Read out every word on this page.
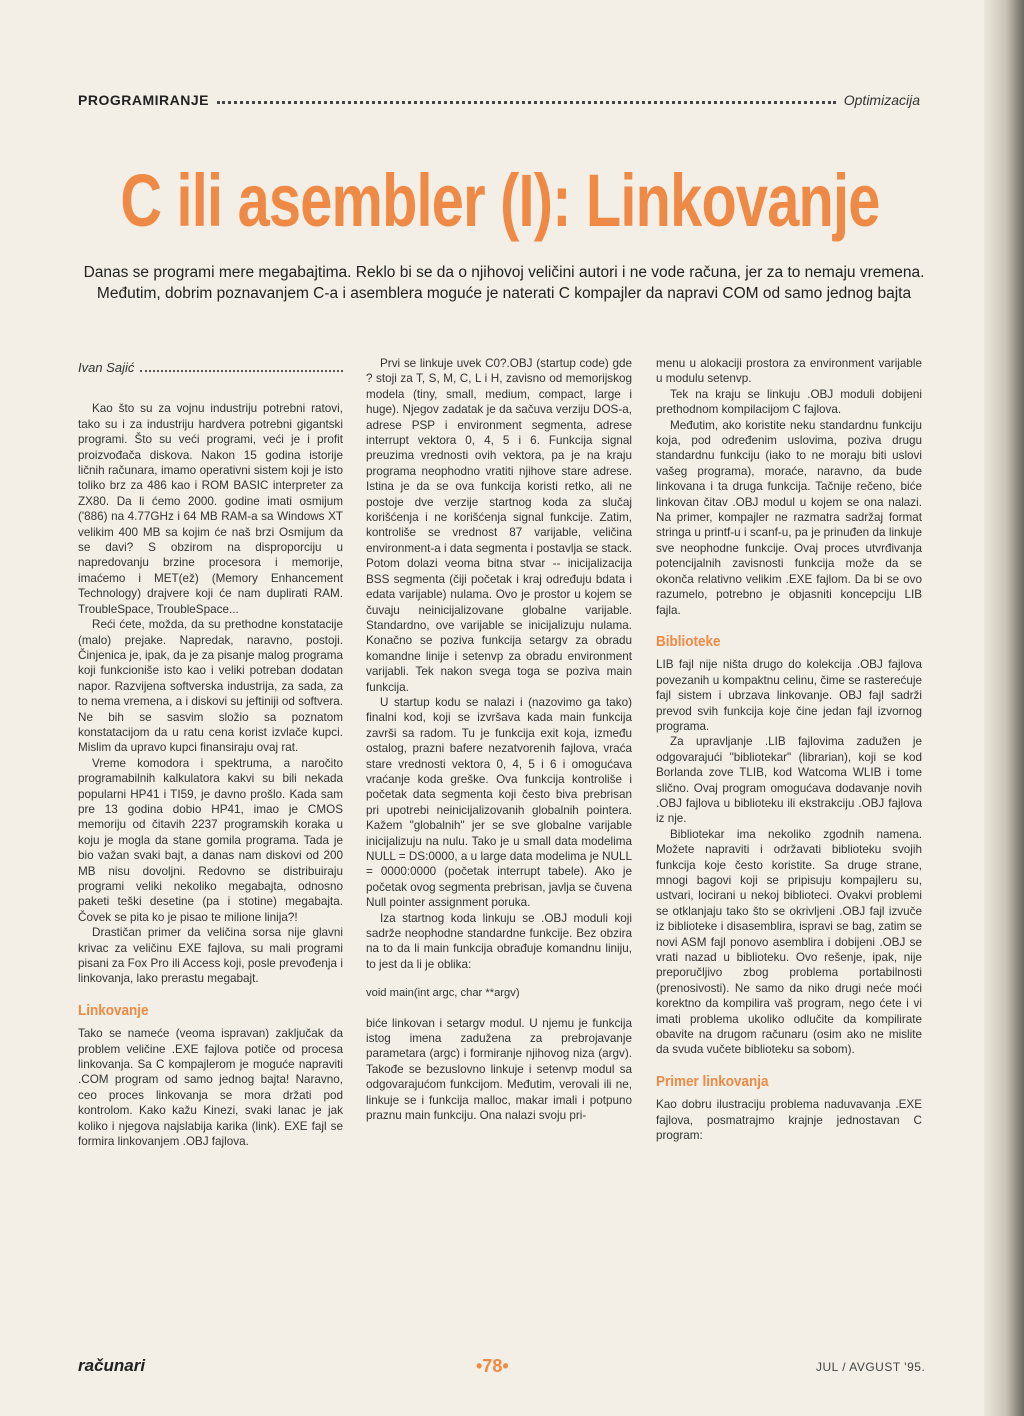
PROGRAMIRANJE	Optimizacija
C ili asembler (I): Linkovanje
Danas se programi mere megabajtima. Reklo bi se da o njihovoj veličini autori i ne vode računa, jer za to nemaju vremena. Međutim, dobrim poznavanjem C-a i asemblera moguće je naterati C kompajler da napravi COM od samo jednog bajta
Ivan Sajić

Kao što su za vojnu industriju potrebni ratovi, tako su i za industriju hardvera potrebni gigantski programi. Što su veći programi, veći je i profit proizvođača diskova. Nakon 15 godina istorije ličnih računara, imamo operativni sistem koji je isto toliko brz za 486 kao i ROM BASIC interpreter za ZX80. Da li ćemo 2000. godine imati osmijum ('886) na 4.77GHz i 64 MB RAM-a sa Windows XT velikim 400 MB sa kojim će naš brzi Osmijum da se davi? S obzirom na disproporciju u napredovanju brzine procesora i memorije, imaćemo i MET(ež) (Memory Enhancement Technology) drajvere koji će nam duplirati RAM. TroubleSpace, TroubleSpace...

Reći ćete, možda, da su prethodne konstatacije (malo) prejake. Napredak, naravno, postoji. Činjenica je, ipak, da je za pisanje malog programa koji funkcioniše isto kao i veliki potreban dodatan napor. Razvijena softverska industrija, za sada, za to nema vremena, a i diskovi su jeftiniji od softvera. Ne bih se sasvim složio sa poznatom konstatacijom da u ratu cena korist izvlače kupci. Mislim da upravo kupci finansiraju ovaj rat.

Vreme komodora i spektruma, a naročito programabilnih kalkulatora kakvi su bili nekada popularni HP41 i TI59, je davno prošlo. Kada sam pre 13 godina dobio HP41, imao je CMOS memoriju od čitavih 2237 programskih koraka u koju je mogla da stane gomila programa. Tada je bio važan svaki bajt, a danas nam diskovi od 200 MB nisu dovoljni. Redovno se distribuiraju programi veliki nekoliko megabajta, odnosno paketi teški desetine (pa i stotine) megabajta. Čovek se pita ko je pisao te milione linija?!

Drastičan primer da veličina sorsa nije glavni krivac za veličinu EXE fajlova, su mali programi pisani za Fox Pro ili Access koji, posle prevođenja i linkovanja, lako prerastu megabajt.

Linkovanje

Tako se nameće (veoma ispravan) zaključak da problem veličine .EXE fajlova potiče od procesa linkovanja. Sa C kompajlerom je moguće napraviti .COM program od samo jednog bajta! Naravno, ceo proces linkovanja se mora držati pod kontrolom. Kako kažu Kinezi, svaki lanac je jak koliko i njegova najslabija karika (link). EXE fajl se formira linkovanjem .OBJ fajlova.

Prvi se linkuje uvek C0?.OBJ (startup code) gde ? stoji za T, S, M, C, L i H, zavisno od memorijskog modela (tiny, small, medium, compact, large i huge). Njegov zadatak je da sačuva verziju DOS-a, adrese PSP i environment segmenta, adrese interrupt vektora 0, 4, 5 i 6. Funkcija signal preuzima vrednosti ovih vektora, pa je na kraju programa neophodno vratiti njihove stare adrese. Istina je da se ova funkcija koristi retko, ali ne postoje dve verzije startnog koda za slučaj korišćenja i ne korišćenja signal funkcije. Zatim, kontroliše se vrednost 87 varijable, veličina environment-a i data segmenta i postavlja se stack. Potom dolazi veoma bitna stvar -- inicijalizacija BSS segmenta (čiji početak i kraj određuju bdata i edata varijable) nulama. Ovo je prostor u kojem se čuvaju neinicijalizovane globalne varijable. Standardno, ove varijable se inicijalizuju nulama. Konačno se poziva funkcija setargv za obradu komandne linije i setenvp za obradu environment varijabli. Tek nakon svega toga se poziva main funkcija.

U startup kodu se nalazi i (nazovimo ga tako) finalni kod, koji se izvršava kada main funkcija završi sa radom. Tu je funkcija exit koja, između ostalog, prazni bafere nezatvorenih fajlova, vraća stare vrednosti vektora 0, 4, 5 i 6 i omogućava vraćanje koda greške. Ova funkcija kontroliše i početak data segmenta koji često biva prebrisan pri upotrebi neinicijalizovanih globalnih pointera. Kažem "globalnih" jer se sve globalne varijable inicijalizuju na nulu. Tako je u small data modelima NULL = DS:0000, a u large data modelima je NULL = 0000:0000 (početak interrupt tabele). Ako je početak ovog segmenta prebrisan, javlja se čuvena Null pointer assignment poruka.

Iza startnog koda linkuju se .OBJ moduli koji sadrže neophodne standardne funkcije. Bez obzira na to da li main funkcija obrađuje komandnu liniju, to jest da li je oblika:

void main(int argc, char **argv)

biće linkovan i setargv modul. U njemu je funkcija istog imena zadužena za prebrojavanje parametara (argc) i formiranje njihovog niza (argv). Takođe se bezuslovno linkuje i setenvp modul sa odgovarajućom funkcijom. Međutim, verovali ili ne, linkuje se i funkcija malloc, makar imali i potpuno praznu main funkciju. Ona nalazi svoju pri-

menu u alokaciji prostora za environment varijable u modulu setenvp.

Tek na kraju se linkuju .OBJ moduli dobijeni prethodnom kompilacijom C fajlova.

Međutim, ako koristite neku standardnu funkciju koja, pod određenim uslovima, poziva drugu standardnu funkciju (iako to ne moraju biti uslovi vašeg programa), moraće, naravno, da bude linkovana i ta druga funkcija. Tačnije rečeno, biće linkovan čitav .OBJ modul u kojem se ona nalazi. Na primer, kompajler ne razmatra sadržaj format stringa u printf-u i scanf-u, pa je prinuđen da linkuje sve neophodne funkcije. Ovaj proces utvrđivanja potencijalnih zavisnosti funkcija može da se okonča relativno velikim .EXE fajlom. Da bi se ovo razumelo, potrebno je objasniti koncepciju LIB fajla.

Biblioteke

LIB fajl nije ništa drugo do kolekcija .OBJ fajlova povezanih u kompaktnu celinu, čime se rasterećuje fajl sistem i ubrzava linkovanje. OBJ fajl sadrži prevod svih funkcija koje čine jedan fajl izvornog programa.

Za upravljanje .LIB fajlovima zadužen je odgovarajući "bibliotekar" (librarian), koji se kod Borlanda zove TLIB, kod Watcoma WLIB i tome slično. Ovaj program omogućava dodavanje novih .OBJ fajlova u biblioteku ili ekstrakciju .OBJ fajlova iz nje.

Bibliotekar ima nekoliko zgodnih namena. Možete napraviti i održavati biblioteku svojih funkcija koje često koristite. Sa druge strane, mnogi bagovi koji se pripisuju kompajleru su, ustvari, locirani u nekoj biblioteci. Ovakvi problemi se otklanjaju tako što se okrivljeni .OBJ fajl izvuče iz biblioteke i disasemblira, ispravi se bag, zatim se novi ASM fajl ponovo asemblira i dobijeni .OBJ se vrati nazad u biblioteku. Ovo rešenje, ipak, nije preporučljivo zbog problema portabilnosti (prenosivosti). Ne samo da niko drugi neće moći korektno da kompilira vaš program, nego ćete i vi imati problema ukoliko odlučite da kompilirate obavite na drugom računaru (osim ako ne mislite da svuda vučete biblioteku sa sobom).

Primer linkovanja

Kao dobru ilustraciju problema naduvavanja .EXE fajlova, posmatrajmo krajnje jednostavan C program:

računari	•78•	JUL / AVGUST '95.
